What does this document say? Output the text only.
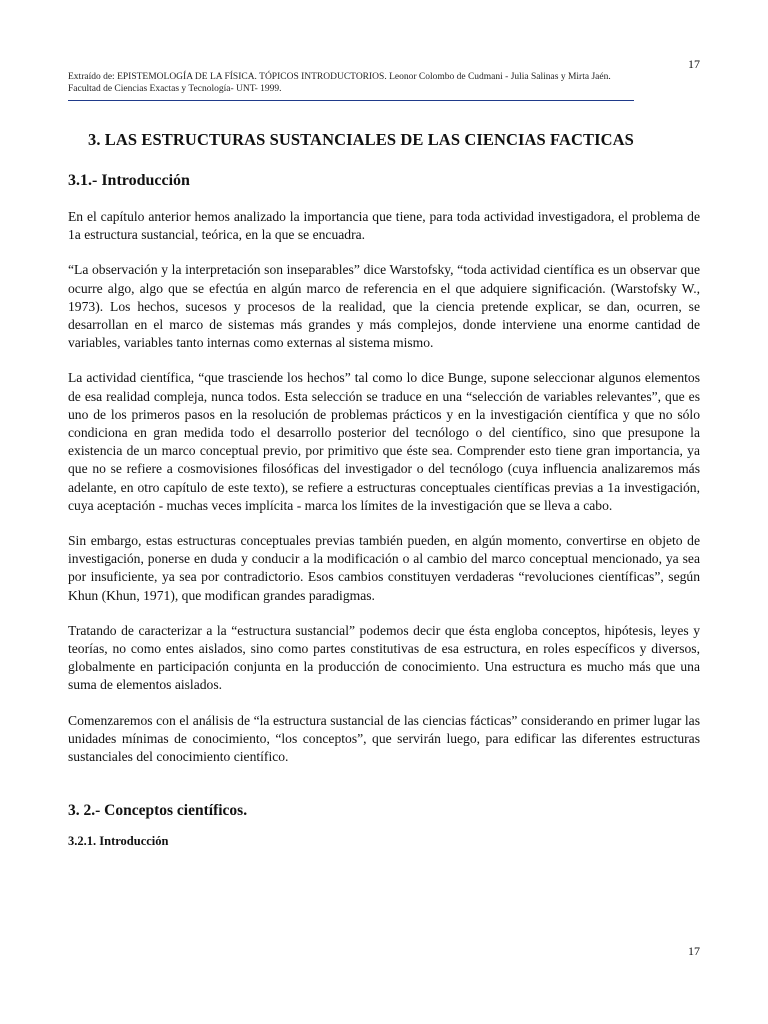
17
Extraído de: EPISTEMOLOGÍA DE LA FÍSICA. TÓPICOS INTRODUCTORIOS. Leonor Colombo de Cudmani - Julia Salinas y Mirta Jaén.
Facultad de Ciencias Exactas y Tecnología- UNT- 1999.
3. LAS ESTRUCTURAS SUSTANCIALES DE LAS CIENCIAS FACTICAS
3.1.- Introducción

En el capítulo anterior hemos analizado la importancia que tiene, para toda actividad investigadora, el problema de 1a estructura sustancial, teórica, en la que se encuadra.

“La observación y la interpretación son inseparables” dice Warstofsky, “toda actividad científica es un observar que ocurre algo, algo que se efectúa en algún marco de referencia en el que adquiere significación. (Warstofsky W., 1973). Los hechos, sucesos y procesos de la realidad, que la ciencia pretende explicar, se dan, ocurren, se desarrollan en el marco de sistemas más grandes y más complejos, donde interviene una enorme cantidad de variables, variables tanto internas como externas al sistema mismo.

La actividad científica, “que trasciende los hechos” tal como lo dice Bunge, supone seleccionar algunos elementos de esa realidad compleja, nunca todos. Esta selección se traduce en una “selección de variables relevantes”, que es uno de los primeros pasos en la resolución de problemas prácticos y en la investigación científica y que no sólo condiciona en gran medida todo el desarrollo posterior del tecnólogo o del científico, sino que presupone la existencia de un marco conceptual previo, por primitivo que éste sea. Comprender esto tiene gran importancia, ya que no se refiere a cosmovisiones filosóficas del investigador o del tecnólogo (cuya influencia analizaremos más adelante, en otro capítulo de este texto), se refiere a estructuras conceptuales científicas previas a 1a investigación, cuya aceptación - muchas veces implícita - marca los límites de la investigación que se lleva a cabo.

Sin embargo, estas estructuras conceptuales previas también pueden, en algún momento, convertirse en objeto de investigación, ponerse en duda y conducir a la modificación o al cambio del marco conceptual mencionado, ya sea por insuficiente, ya sea por contradictorio. Esos cambios constituyen verdaderas “revoluciones científicas”, según Khun (Khun, 1971), que modifican grandes paradigmas.

Tratando de caracterizar a la “estructura sustancial” podemos decir que ésta engloba conceptos, hipótesis, leyes y teorías, no como entes aislados, sino como partes constitutivas de esa estructura, en roles específicos y diversos, globalmente en participación conjunta en la producción de conocimiento. Una estructura es mucho más que una suma de elementos aislados.

Comenzaremos con el análisis de “la estructura sustancial de las ciencias fácticas” considerando en primer lugar las unidades mínimas de conocimiento, “los conceptos”, que servirán luego, para edificar las diferentes estructuras sustanciales del conocimiento científico.

3. 2.- Conceptos científicos.
3.2.1. Introducción
17
